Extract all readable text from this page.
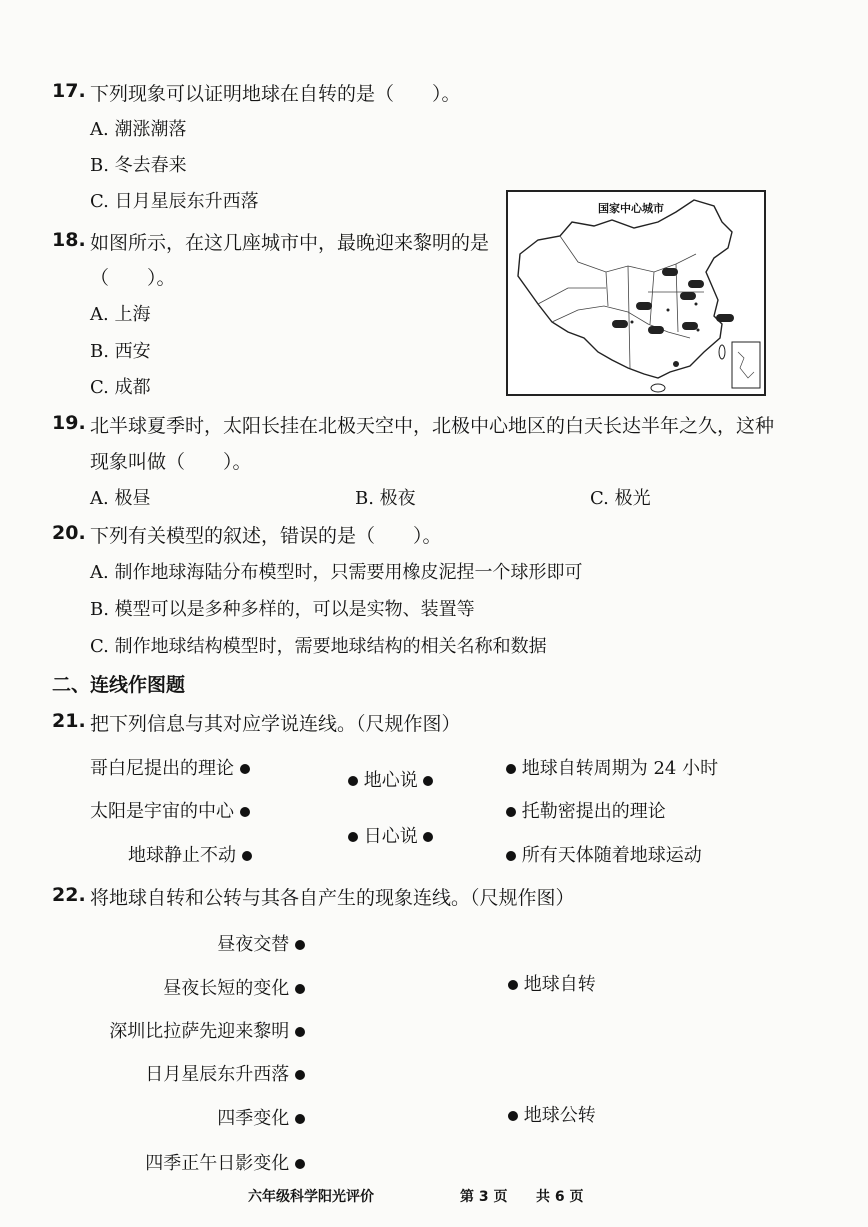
17. 下列现象可以证明地球在自转的是（　　）。
A. 潮涨潮落
B. 冬去春来
C. 日月星辰东升西落
18. 如图所示，在这几座城市中，最晚迎来黎明的是
（　　）。
A. 上海
B. 西安
C. 成都
国家中心城市
19. 北半球夏季时，太阳长挂在北极天空中，北极中心地区的白天长达半年之久，这种
现象叫做（　　）。
A. 极昼	B. 极夜	C. 极光
20. 下列有关模型的叙述，错误的是（　　）。
A. 制作地球海陆分布模型时，只需要用橡皮泥捏一个球形即可
B. 模型可以是多种多样的，可以是实物、装置等
C. 制作地球结构模型时，需要地球结构的相关名称和数据
二、连线作图题
21. 把下列信息与其对应学说连线。（尺规作图）
哥白尼提出的理论
太阳是宇宙的中心
地球静止不动
地心说
日心说
地球自转周期为 24 小时
托勒密提出的理论
所有天体随着地球运动
22. 将地球自转和公转与其各自产生的现象连线。（尺规作图）
昼夜交替
昼夜长短的变化
深圳比拉萨先迎来黎明
日月星辰东升西落
四季变化
四季正午日影变化
地球自转
地球公转
六年级科学阳光评价	第 3 页 共 6 页
